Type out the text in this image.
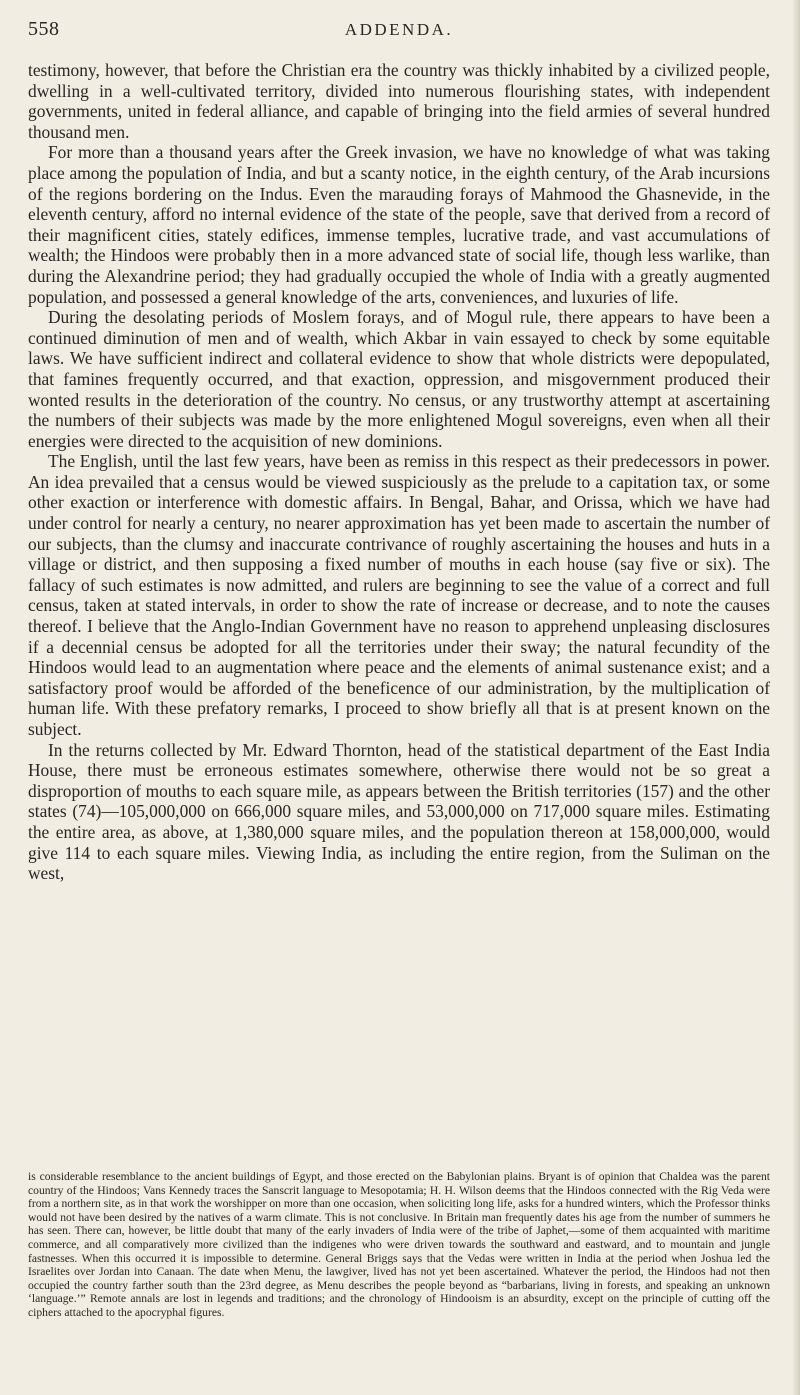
558	ADDENDA.

testimony, however, that before the Christian era the country was thickly inhabited by a civilized people, dwelling in a well-cultivated territory, divided into numerous flourishing states, with independent governments, united in federal alliance, and capable of bringing into the field armies of several hundred thousand men.

For more than a thousand years after the Greek invasion, we have no knowledge of what was taking place among the population of India, and but a scanty notice, in the eighth century, of the Arab incursions of the regions bordering on the Indus. Even the marauding forays of Mahmood the Ghasnevide, in the eleventh century, afford no internal evidence of the state of the people, save that derived from a record of their magnificent cities, stately edifices, immense temples, lucrative trade, and vast accumulations of wealth; the Hindoos were probably then in a more advanced state of social life, though less warlike, than during the Alexandrine period; they had gradually occupied the whole of India with a greatly augmented population, and possessed a general knowledge of the arts, conveniences, and luxuries of life.

During the desolating periods of Moslem forays, and of Mogul rule, there appears to have been a continued diminution of men and of wealth, which Akbar in vain essayed to check by some equitable laws. We have sufficient indirect and collateral evidence to show that whole districts were depopulated, that famines frequently occurred, and that exaction, oppression, and misgovernment produced their wonted results in the deterioration of the country. No census, or any trustworthy attempt at ascertaining the numbers of their subjects was made by the more enlightened Mogul sovereigns, even when all their energies were directed to the acquisition of new dominions.

The English, until the last few years, have been as remiss in this respect as their predecessors in power. An idea prevailed that a census would be viewed suspiciously as the prelude to a capitation tax, or some other exaction or interference with domestic affairs. In Bengal, Bahar, and Orissa, which we have had under control for nearly a century, no nearer approximation has yet been made to ascertain the number of our subjects, than the clumsy and inaccurate contrivance of roughly ascertaining the houses and huts in a village or district, and then supposing a fixed number of mouths in each house (say five or six). The fallacy of such estimates is now admitted, and rulers are beginning to see the value of a correct and full census, taken at stated intervals, in order to show the rate of increase or decrease, and to note the causes thereof. I believe that the Anglo-Indian Government have no reason to apprehend unpleasing disclosures if a decennial census be adopted for all the territories under their sway; the natural fecundity of the Hindoos would lead to an augmentation where peace and the elements of animal sustenance exist; and a satisfactory proof would be afforded of the beneficence of our administration, by the multiplication of human life. With these prefatory remarks, I proceed to show briefly all that is at present known on the subject.

In the returns collected by Mr. Edward Thornton, head of the statistical department of the East India House, there must be erroneous estimates somewhere, otherwise there would not be so great a disproportion of mouths to each square mile, as appears between the British territories (157) and the other states (74)—105,000,000 on 666,000 square miles, and 53,000,000 on 717,000 square miles. Estimating the entire area, as above, at 1,380,000 square miles, and the population thereon at 158,000,000, would give 114 to each square miles. Viewing India, as including the entire region, from the Suliman on the west,

is considerable resemblance to the ancient buildings of Egypt, and those erected on the Babylonian plains. Bryant is of opinion that Chaldea was the parent country of the Hindoos; Vans Kennedy traces the Sanscrit language to Mesopotamia; H. H. Wilson deems that the Hindoos connected with the Rig Veda were from a northern site, as in that work the worshipper on more than one occasion, when soliciting long life, asks for a hundred winters, which the Professor thinks would not have been desired by the natives of a warm climate. This is not conclusive. In Britain man frequently dates his age from the number of summers he has seen. There can, however, be little doubt that many of the early invaders of India were of the tribe of Japhet,—some of them acquainted with maritime commerce, and all comparatively more civilized than the indigenes who were driven towards the southward and eastward, and to mountain and jungle fastnesses. When this occurred it is impossible to determine. General Briggs says that the Vedas were written in India at the period when Joshua led the Israelites over Jordan into Canaan. The date when Menu, the lawgiver, lived has not yet been ascertained. Whatever the period, the Hindoos had not then occupied the country farther south than the 23rd degree, as Menu describes the people beyond as “barbarians, living in forests, and speaking an unknown ‘language.’” Remote annals are lost in legends and traditions; and the chronology of Hindooism is an absurdity, except on the principle of cutting off the ciphers attached to the apocryphal figures.
